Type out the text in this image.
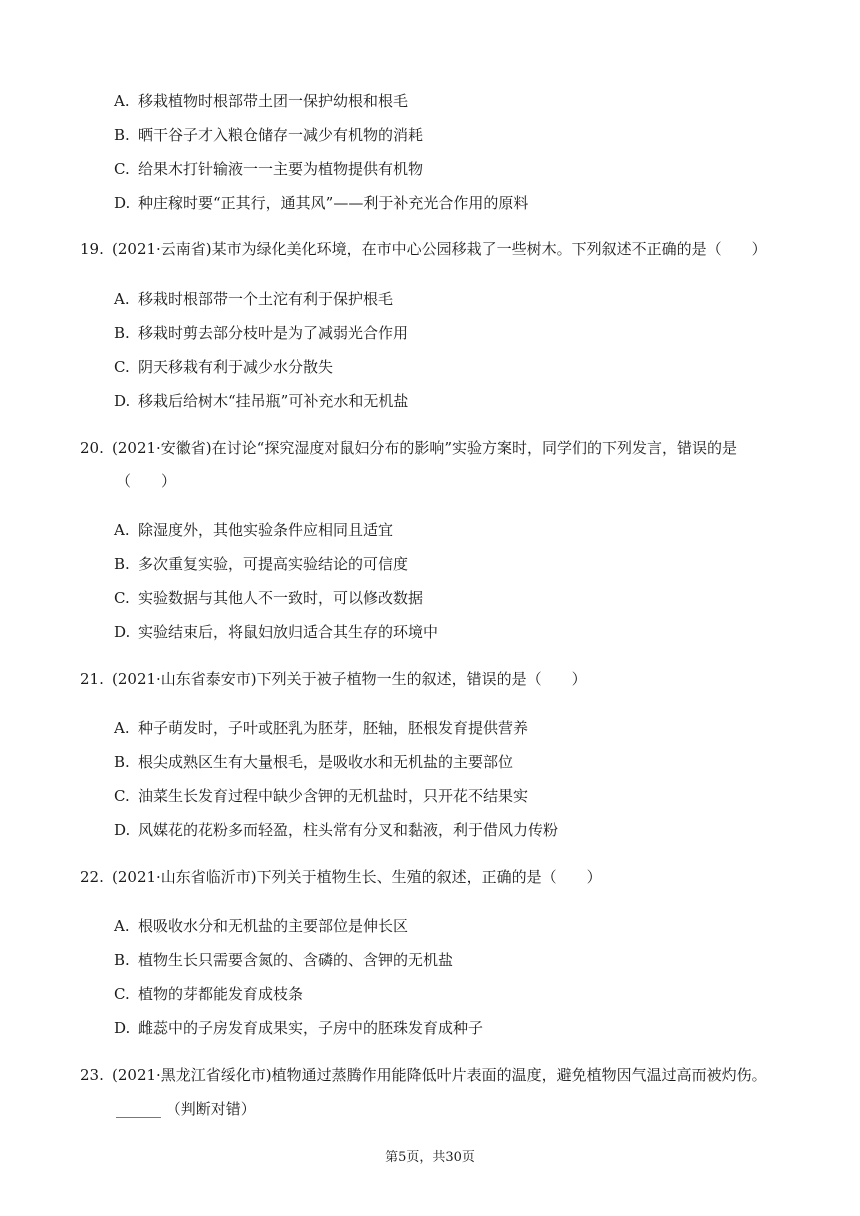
A. 移栽植物时根部带土团一保护幼根和根毛
B. 晒干谷子才入粮仓储存一减少有机物的消耗
C. 给果木打针输液一一主要为植物提供有机物
D. 种庄稼时要“正其行，通其风”——利于补充光合作用的原料
19. (2021·云南省)某市为绿化美化环境，在市中心公园移栽了一些树木。下列叙述不正确的是（　　）
A. 移栽时根部带一个土沱有利于保护根毛
B. 移栽时剪去部分枝叶是为了减弱光合作用
C. 阴天移栽有利于减少水分散失
D. 移栽后给树木“挂吊瓶”可补充水和无机盐
20. (2021·安徽省)在讨论“探究湿度对鼠妇分布的影响”实验方案时，同学们的下列发言，错误的是
（　　）
A. 除湿度外，其他实验条件应相同且适宜
B. 多次重复实验，可提高实验结论的可信度
C. 实验数据与其他人不一致时，可以修改数据
D. 实验结束后，将鼠妇放归适合其生存的环境中
21. (2021·山东省泰安市)下列关于被子植物一生的叙述，错误的是（　　）
A. 种子萌发时，子叶或胚乳为胚芽，胚轴，胚根发育提供营养
B. 根尖成熟区生有大量根毛，是吸收水和无机盐的主要部位
C. 油菜生长发育过程中缺少含钾的无机盐时，只开花不结果实
D. 风媒花的花粉多而轻盈，柱头常有分叉和黏液，利于借风力传粉
22. (2021·山东省临沂市)下列关于植物生长、生殖的叙述，正确的是（　　）
A. 根吸收水分和无机盐的主要部位是伸长区
B. 植物生长只需要含氮的、含磷的、含钾的无机盐
C. 植物的芽都能发育成枝条
D. 雌蕊中的子房发育成果实，子房中的胚珠发育成种子
23. (2021·黑龙江省绥化市)植物通过蒸腾作用能降低叶片表面的温度，避免植物因气温过高而被灼伤。
______ （判断对错）
第5页，共30页
